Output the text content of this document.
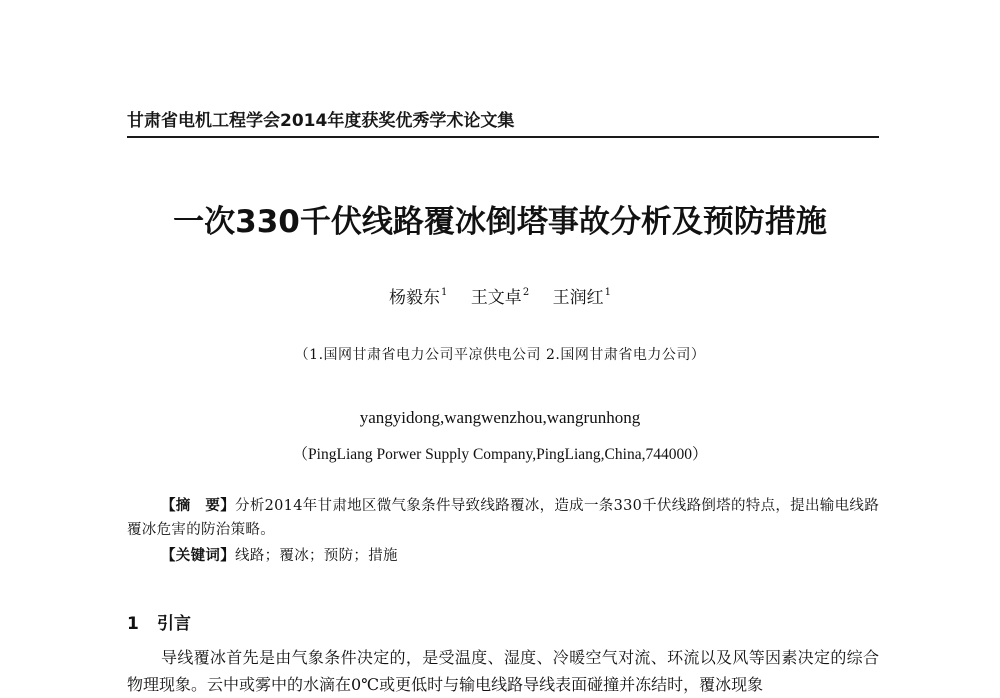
甘肃省电机工程学会2014年度获奖优秀学术论文集
一次330千伏线路覆冰倒塔事故分析及预防措施
杨毅东$^1$ 王文卓$^2$ 王润红$^1$
（1.国网甘肃省电力公司平凉供电公司 2.国网甘肃省电力公司）
yangyidong,wangwenzhou,wangrunhong
（PingLiang Porwer Supply Company,PingLiang,China,744000）
【摘　要】分析2014年甘肃地区微气象条件导致线路覆冰，造成一条330千伏线路倒塔的特点，提出输电线路覆冰危害的防治策略。
【关键词】线路；覆冰；预防；措施
1 引言
导线覆冰首先是由气象条件决定的，是受温度、湿度、冷暖空气对流、环流以及风等因素决定的综合物理现象。云中或雾中的水滴在0℃或更低时与输电线路导线表面碰撞并冻结时，覆冰现象
